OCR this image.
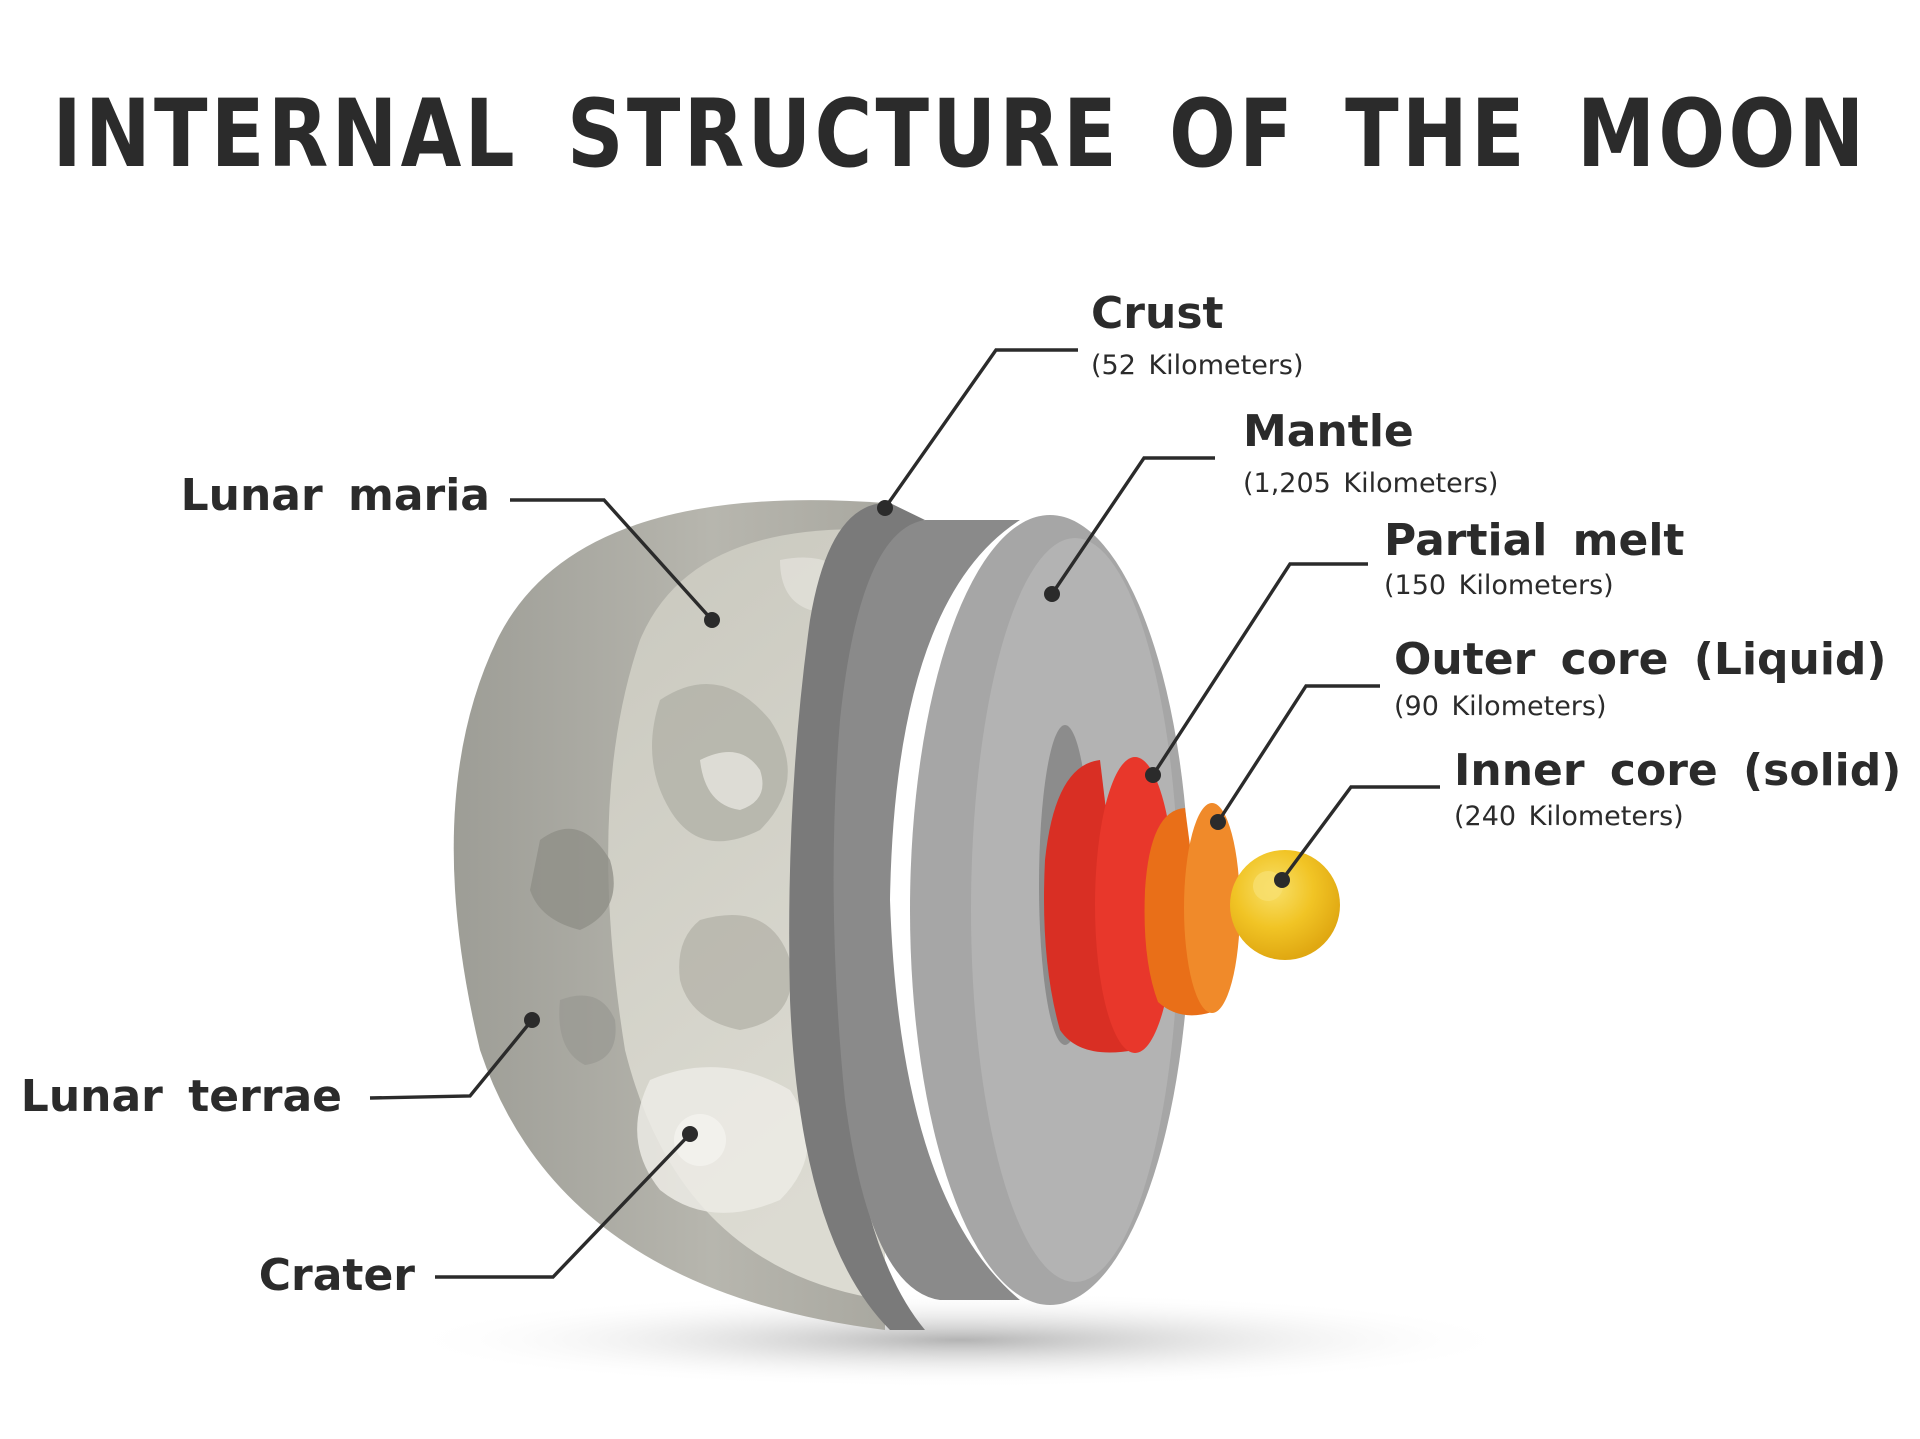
INTERNAL STRUCTURE OF THE MOON
Crust
(52 Kilometers)
Mantle
(1,205 Kilometers)
Partial melt
(150 Kilometers)
Outer core (Liquid)
(90 Kilometers)
Inner core (solid)
(240 Kilometers)
Lunar maria
Lunar terrae
Crater
